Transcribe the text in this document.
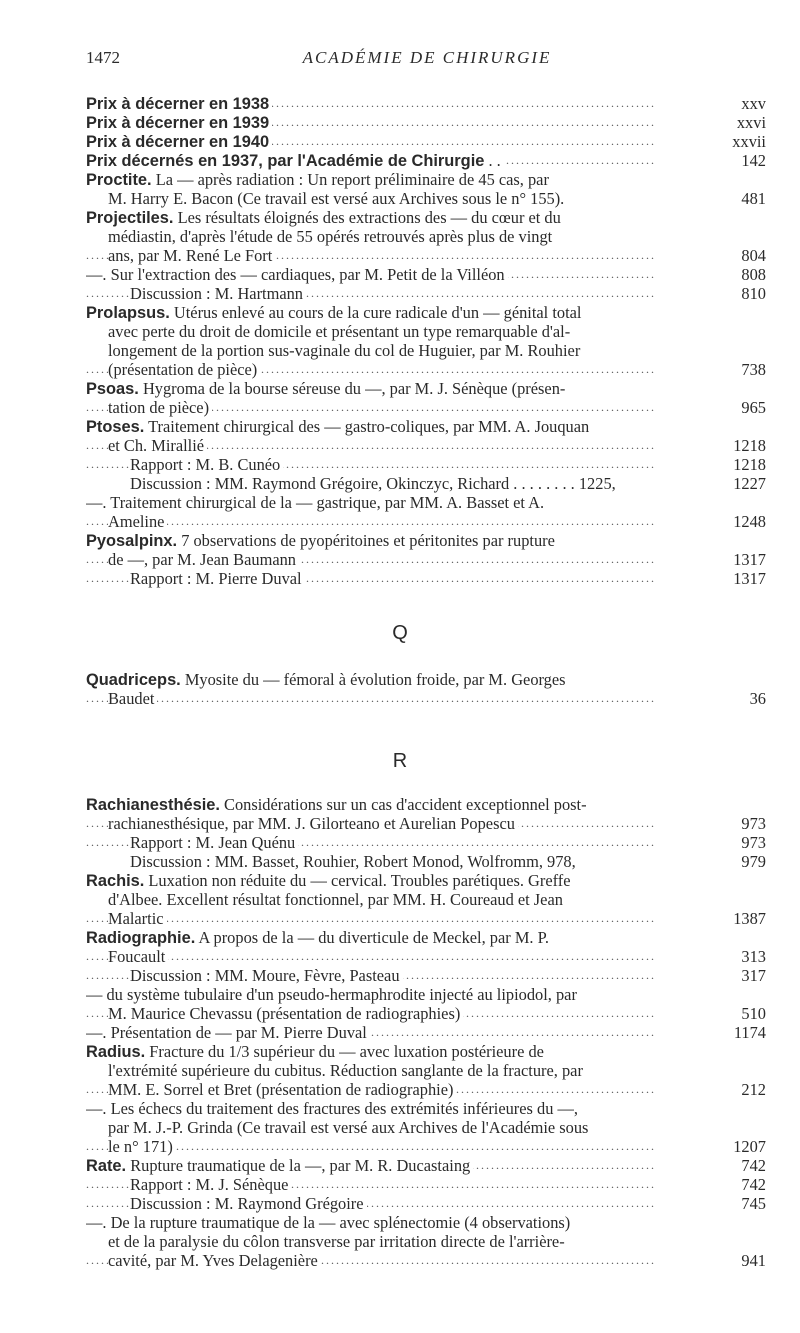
1472	ACADÉMIE DE CHIRURGIE
. . . Prix à décerner en 1938	xxv
. . . Prix à décerner en 1939	xxvi
. . . Prix à décerner en 1940	xxvii
. . . Prix décernés en 1937, par l'Académie de Chirurgie . .	142
Proctite. La — après radiation : Un report préliminaire de 45 cas, par
M. Harry E. Bacon (Ce travail est versé aux Archives sous le n° 155).	481
Projectiles. Les résultats éloignés des extractions des — du cœur et du
médiastin, d'après l'étude de 55 opérés retrouvés après plus de vingt
. . . ans, par M. René Le Fort	804
. . . —. Sur l'extraction des — cardiaques, par M. Petit de la Villéon	808
. . . Discussion : M. Hartmann	810
Prolapsus. Utérus enlevé au cours de la cure radicale d'un — génital total
avec perte du droit de domicile et présentant un type remarquable d'al-
longement de la portion sus-vaginale du col de Huguier, par M. Rouhier
. . . (présentation de pièce)	738
Psoas. Hygroma de la bourse séreuse du —, par M. J. Sénèque (présen-
. . . tation de pièce)	965
Ptoses. Traitement chirurgical des — gastro-coliques, par MM. A. Jouquan
. . . et Ch. Mirallié	1218
. . . Rapport : M. B. Cunéo	1218
Discussion : MM. Raymond Grégoire, Okinczyc, Richard . . . . . . . . 1225,	1227
—. Traitement chirurgical de la — gastrique, par MM. A. Basset et A.
. . . Ameline	1248
Pyosalpinx. 7 observations de pyopéritoines et péritonites par rupture
. . . de —, par M. Jean Baumann	1317
. . . Rapport : M. Pierre Duval	1317
Q
Quadriceps. Myosite du — fémoral à évolution froide, par M. Georges
. . . Baudet	36
R
Rachianesthésie. Considérations sur un cas d'accident exceptionnel post-
. . . rachianesthésique, par MM. J. Gilorteano et Aurelian Popescu	973
. . . Rapport : M. Jean Quénu	973
Discussion : MM. Basset, Rouhier, Robert Monod, Wolfromm, 978,	979
Rachis. Luxation non réduite du — cervical. Troubles parétiques. Greffe
d'Albee. Excellent résultat fonctionnel, par MM. H. Coureaud et Jean
. . . Malartic	1387
Radiographie. A propos de la — du diverticule de Meckel, par M. P.
. . . Foucault	313
. . . Discussion : MM. Moure, Fèvre, Pasteau	317
— du système tubulaire d'un pseudo-hermaphrodite injecté au lipiodol, par
. . . M. Maurice Chevassu (présentation de radiographies)	510
. . . —. Présentation de — par M. Pierre Duval	1174
Radius. Fracture du 1/3 supérieur du — avec luxation postérieure de
l'extrémité supérieure du cubitus. Réduction sanglante de la fracture, par
. . . MM. E. Sorrel et Bret (présentation de radiographie)	212
—. Les échecs du traitement des fractures des extrémités inférieures du —,
par M. J.-P. Grinda (Ce travail est versé aux Archives de l'Académie sous
. . . le n° 171)	1207
. . . Rate. Rupture traumatique de la —, par M. R. Ducastaing	742
. . . Rapport : M. J. Sénèque	742
. . . Discussion : M. Raymond Grégoire	745
—. De la rupture traumatique de la — avec splénectomie (4 observations)
et de la paralysie du côlon transverse par irritation directe de l'arrière-
. . . cavité, par M. Yves Delagenière	941
